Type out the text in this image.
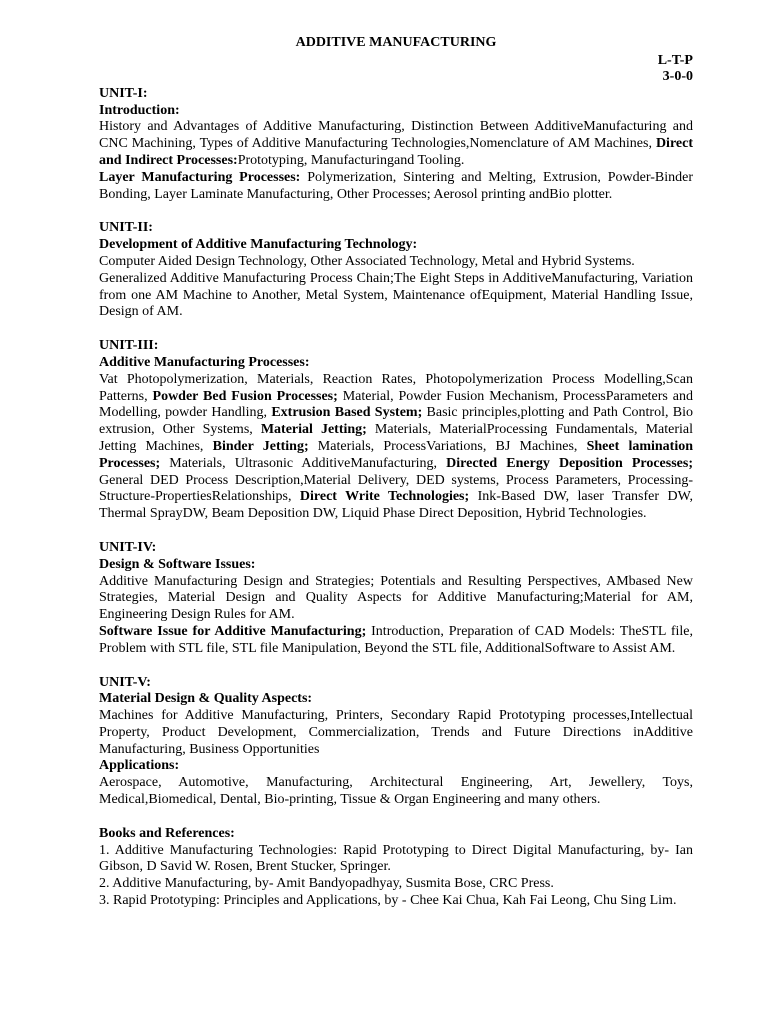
ADDITIVE MANUFACTURING
L-T-P
3-0-0
UNIT-I:
Introduction:

History and Advantages of Additive Manufacturing, Distinction Between AdditiveManufacturing and CNC Machining, Types of Additive Manufacturing Technologies,Nomenclature of AM Machines, Direct and Indirect Processes:Prototyping, Manufacturingand Tooling.

Layer Manufacturing Processes: Polymerization, Sintering and Melting, Extrusion, Powder-Binder Bonding, Layer Laminate Manufacturing, Other Processes; Aerosol printing andBio plotter.

UNIT-II:
Development of Additive Manufacturing Technology:

Computer Aided Design Technology, Other Associated Technology, Metal and Hybrid Systems.

Generalized Additive Manufacturing Process Chain;The Eight Steps in AdditiveManufacturing, Variation from one AM Machine to Another, Metal System, Maintenance ofEquipment, Material Handling Issue, Design of AM.

UNIT-III:
Additive Manufacturing Processes:

Vat Photopolymerization, Materials, Reaction Rates, Photopolymerization Process Modelling,Scan Patterns, Powder Bed Fusion Processes; Material, Powder Fusion Mechanism, ProcessParameters and Modelling, powder Handling, Extrusion Based System; Basic principles,plotting and Path Control, Bio extrusion, Other Systems, Material Jetting; Materials, MaterialProcessing Fundamentals, Material Jetting Machines, Binder Jetting; Materials, ProcessVariations, BJ Machines, Sheet lamination Processes; Materials, Ultrasonic AdditiveManufacturing, Directed Energy Deposition Processes; General DED Process Description,Material Delivery, DED systems, Process Parameters, Processing-Structure-PropertiesRelationships, Direct Write Technologies; Ink-Based DW, laser Transfer DW, Thermal SprayDW, Beam Deposition DW, Liquid Phase Direct Deposition, Hybrid Technologies.

UNIT-IV:
Design & Software Issues:

Additive Manufacturing Design and Strategies; Potentials and Resulting Perspectives, AMbased New Strategies, Material Design and Quality Aspects for Additive Manufacturing;Material for AM, Engineering Design Rules for AM.

Software Issue for Additive Manufacturing; Introduction, Preparation of CAD Models: TheSTL file, Problem with STL file, STL file Manipulation, Beyond the STL file, AdditionalSoftware to Assist AM.

UNIT-V:
Material Design & Quality Aspects:

Machines for Additive Manufacturing, Printers, Secondary Rapid Prototyping processes,Intellectual Property, Product Development, Commercialization, Trends and Future Directions inAdditive Manufacturing, Business Opportunities

Applications:

Aerospace, Automotive, Manufacturing, Architectural Engineering, Art, Jewellery, Toys, Medical,Biomedical, Dental, Bio-printing, Tissue & Organ Engineering and many others.

Books and References:
1. Additive Manufacturing Technologies: Rapid Prototyping to Direct Digital Manufacturing, by- Ian Gibson, D Savid W. Rosen, Brent Stucker, Springer.
2. Additive Manufacturing, by- Amit Bandyopadhyay, Susmita Bose, CRC Press.
3. Rapid Prototyping: Principles and Applications, by - Chee Kai Chua, Kah Fai Leong, Chu Sing Lim.
